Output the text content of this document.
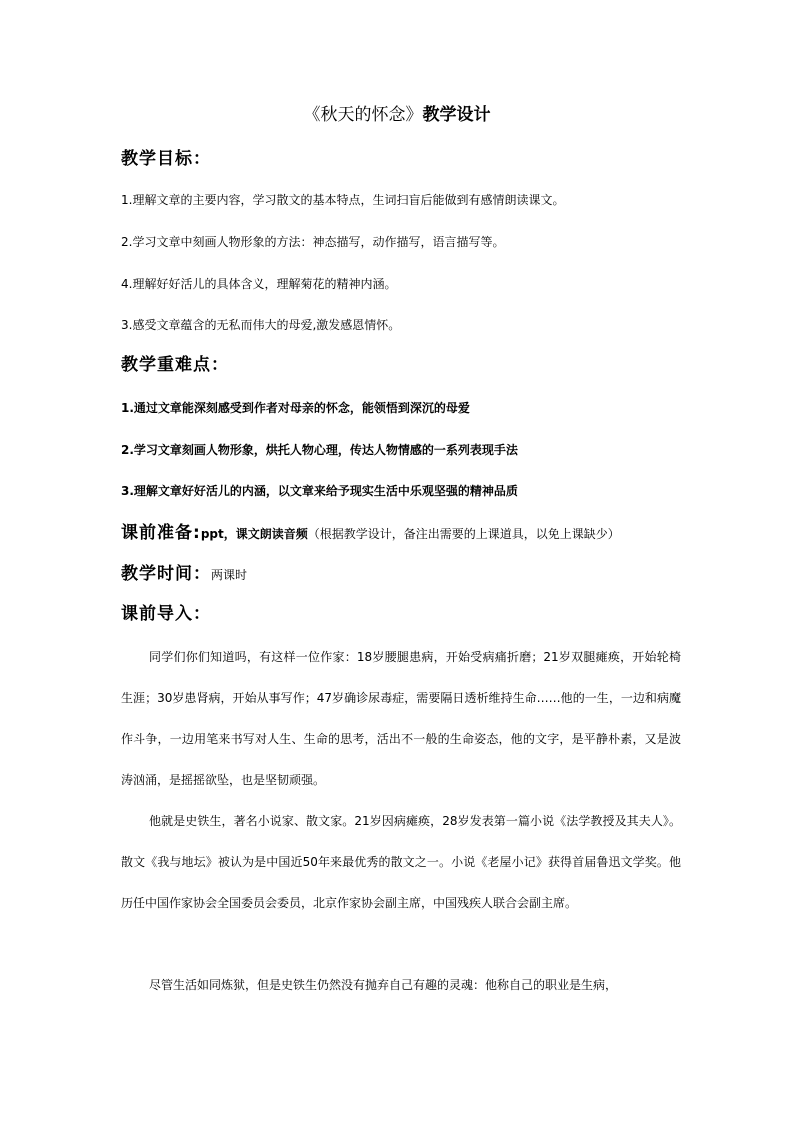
《秋天的怀念》教学设计
教学目标：
1.理解文章的主要内容，学习散文的基本特点，生词扫盲后能做到有感情朗读课文。
2.学习文章中刻画人物形象的方法：神态描写，动作描写，语言描写等。
4.理解好好活儿的具体含义，理解菊花的精神内涵。
3.感受文章蕴含的无私而伟大的母爱,激发感恩情怀。
教学重难点：
1.通过文章能深刻感受到作者对母亲的怀念，能领悟到深沉的母爱
2.学习文章刻画人物形象，烘托人物心理，传达人物情感的一系列表现手法
3.理解文章好好活儿的内涵，以文章来给予现实生活中乐观坚强的精神品质
课前准备:ppt，课文朗读音频（根据教学设计，备注出需要的上课道具，以免上课缺少）
教学时间：两课时
课前导入：

同学们你们知道吗，有这样一位作家：18岁腰腿患病，开始受病痛折磨；21岁双腿瘫痪，开始轮椅生涯；30岁患肾病，开始从事写作；47岁确诊尿毒症，需要隔日透析维持生命……他的一生，一边和病魔作斗争，一边用笔来书写对人生、生命的思考，活出不一般的生命姿态，他的文字，是平静朴素，又是波涛汹涌，是摇摇欲坠，也是坚韧顽强。

他就是史铁生，著名小说家、散文家。21岁因病瘫痪，28岁发表第一篇小说《法学教授及其夫人》。散文《我与地坛》被认为是中国近50年来最优秀的散文之一。小说《老屋小记》获得首届鲁迅文学奖。他历任中国作家协会全国委员会委员，北京作家协会副主席，中国残疾人联合会副主席。

尽管生活如同炼狱，但是史铁生仍然没有抛弃自己有趣的灵魂：他称自己的职业是生病，
